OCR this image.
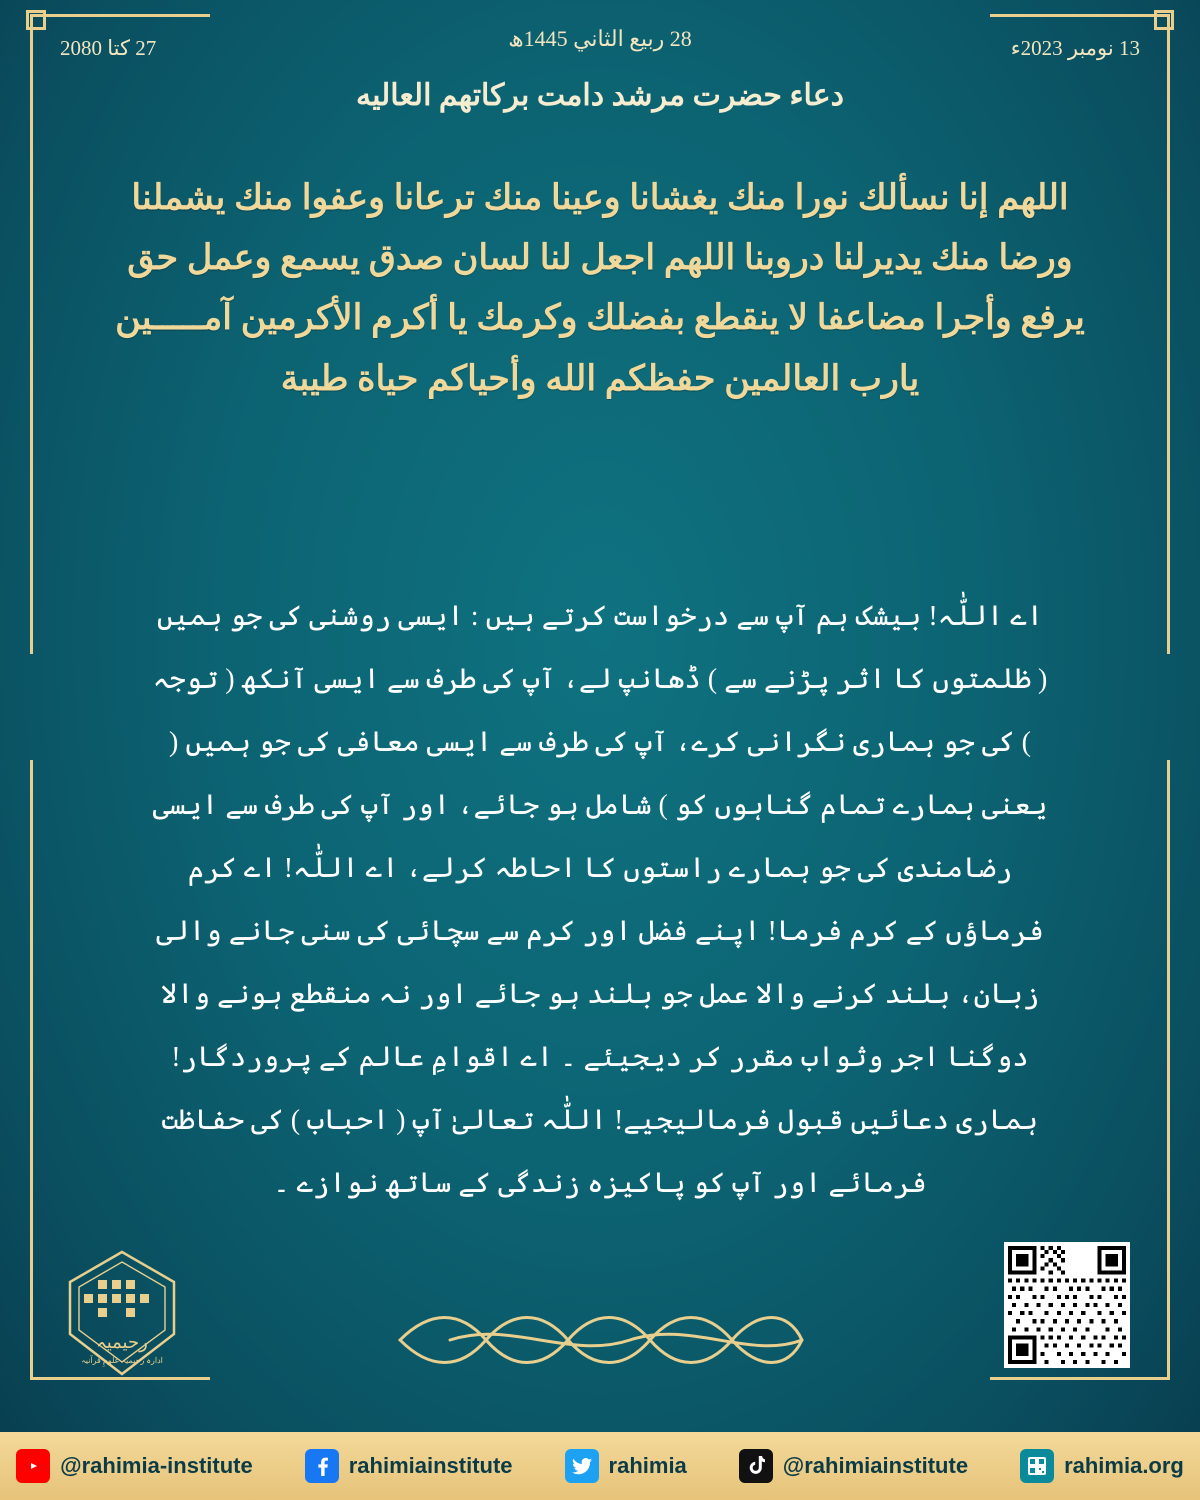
13 نومبر 2023ء
28 ربيع الثاني 1445ھ
27 کتا 2080
دعاء حضرت مرشد دامت بركاتهم العاليه
اللهم إنا نسألك نورا منك يغشانا وعينا منك ترعانا وعفوا منك يشملنا ورضا منك يديرلنا دروبنا اللهم اجعل لنا لسان صدق يسمع وعمل حق يرفع وأجرا مضاعفا لا ينقطع بفضلك وكرمك يا أكرم الأكرمين آمـــــين يارب العالمين حفظكم الله وأحياكم حياة طيبة
اے اللّٰہ! بیشک ہم آپ سے درخواست کرتے ہیں : ایسی روشنی کی جو ہمیں ( ظلمتوں کا اثر پڑنے سے ) ڈھانپ لے، آپ کی طرف سے ایسی آنکھ ( توجہ ) کی جو ہماری نگرانی کرے، آپ کی طرف سے ایسی معافی کی جو ہمیں ( یعنی ہمارے تمام گناہوں کو ) شامل ہو جائے، اور آپ کی طرف سے ایسی رضامندی کی جو ہمارے راستوں کا احاطہ کرلے، اے اللّٰہ! اے کرم فرماؤں کے کرم فرما! اپنے فضل اور کرم سے سچائی کی سنی جانے والی زبان، بلند کرنے والا عمل جو بلند ہو جائے اور نہ منقطع ہونے والا دوگنا اجر وثواب مقرر کر دیجیئے ۔ اے اقوامِ عالم کے پروردگار! ہماری دعائیں قبول فرمالیجیے! اللّٰہ تعالیٰ آپ ( احباب ) کی حفاظت فرمائے اور آپ کو پاکیزہ زندگی کے ساتھ نوازے ۔
رحیمیہ
ادارہ رحیمیہ علومِ قرآنیہ
@rahimia-institute	rahimiainstitute	rahimia	@rahimiainstitute	rahimia.org
